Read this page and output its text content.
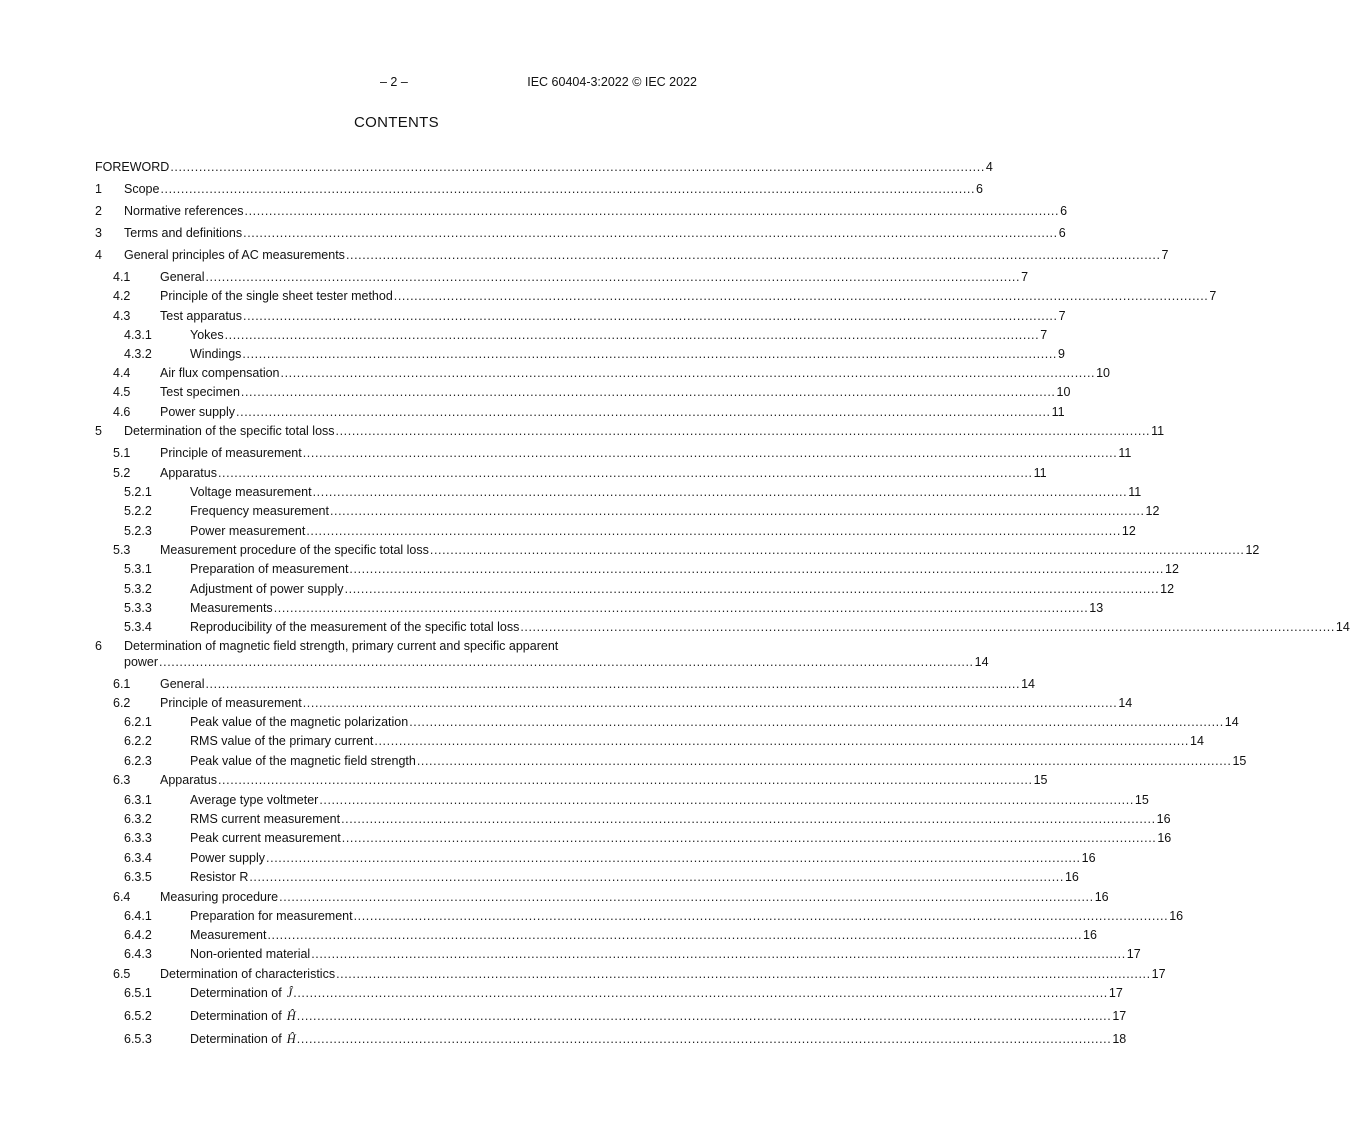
– 2 –	IEC 60404-3:2022 © IEC 2022
CONTENTS
FOREWORD ........................................................................................................................................................................................................ 4
1 Scope ........................................................................................................................................................................................................ 6
2 Normative references ........................................................................................................................................................................................................ 6
3 Terms and definitions ........................................................................................................................................................................................................ 6
4 General principles of AC measurements ........................................................................................................................................................................................................ 7
4.1 General ........................................................................................................................................................................................................ 7
4.2 Principle of the single sheet tester method ........................................................................................................................................................................................................ 7
4.3 Test apparatus ........................................................................................................................................................................................................ 7
4.3.1	Yokes ........................................................................................................................................................................................................ 7
4.3.2	Windings ........................................................................................................................................................................................................ 9
4.4 Air flux compensation ........................................................................................................................................................................................................ 10
4.5 Test specimen ........................................................................................................................................................................................................ 10
4.6 Power supply ........................................................................................................................................................................................................ 11
5 Determination of the specific total loss ........................................................................................................................................................................................................ 11
5.1 Principle of measurement ........................................................................................................................................................................................................ 11
5.2 Apparatus ........................................................................................................................................................................................................ 11
5.2.1	Voltage measurement ........................................................................................................................................................................................................ 11
5.2.2	Frequency measurement ........................................................................................................................................................................................................ 12
5.2.3	Power measurement ........................................................................................................................................................................................................ 12
5.3 Measurement procedure of the specific total loss ........................................................................................................................................................................................................ 12
5.3.1	Preparation of measurement ........................................................................................................................................................................................................ 12
5.3.2	Adjustment of power supply ........................................................................................................................................................................................................ 12
5.3.3	Measurements ........................................................................................................................................................................................................ 13
5.3.4	Reproducibility of the measurement of the specific total loss ........................................................................................................................................................................................................ 14
6 Determination of magnetic field strength, primary current and specific apparent
power ........................................................................................................................................................................................................ 14
6.1 General ........................................................................................................................................................................................................ 14
6.2 Principle of measurement ........................................................................................................................................................................................................ 14
6.2.1	Peak value of the magnetic polarization ........................................................................................................................................................................................................ 14
6.2.2	RMS value of the primary current ........................................................................................................................................................................................................ 14
6.2.3	Peak value of the magnetic field strength ........................................................................................................................................................................................................ 15
6.3 Apparatus ........................................................................................................................................................................................................ 15
6.3.1	Average type voltmeter ........................................................................................................................................................................................................ 15
6.3.2	RMS current measurement ........................................................................................................................................................................................................ 16
6.3.3	Peak current measurement ........................................................................................................................................................................................................ 16
6.3.4	Power supply ........................................................................................................................................................................................................ 16
6.3.5	Resistor R ........................................................................................................................................................................................................ 16
6.4 Measuring procedure ........................................................................................................................................................................................................ 16
6.4.1	Preparation for measurement ........................................................................................................................................................................................................ 16
6.4.2	Measurement ........................................................................................................................................................................................................ 16
6.4.3	Non-oriented material ........................................................................................................................................................................................................ 17
6.5 Determination of characteristics ........................................................................................................................................................................................................ 17
6.5.1	Determination of Ĵ ........................................................................................................................................................................................................ 17
6.5.2	Determination of Ĥ ........................................................................................................................................................................................................ 17
6.5.3	Determination of Ĥ ........................................................................................................................................................................................................ 18
